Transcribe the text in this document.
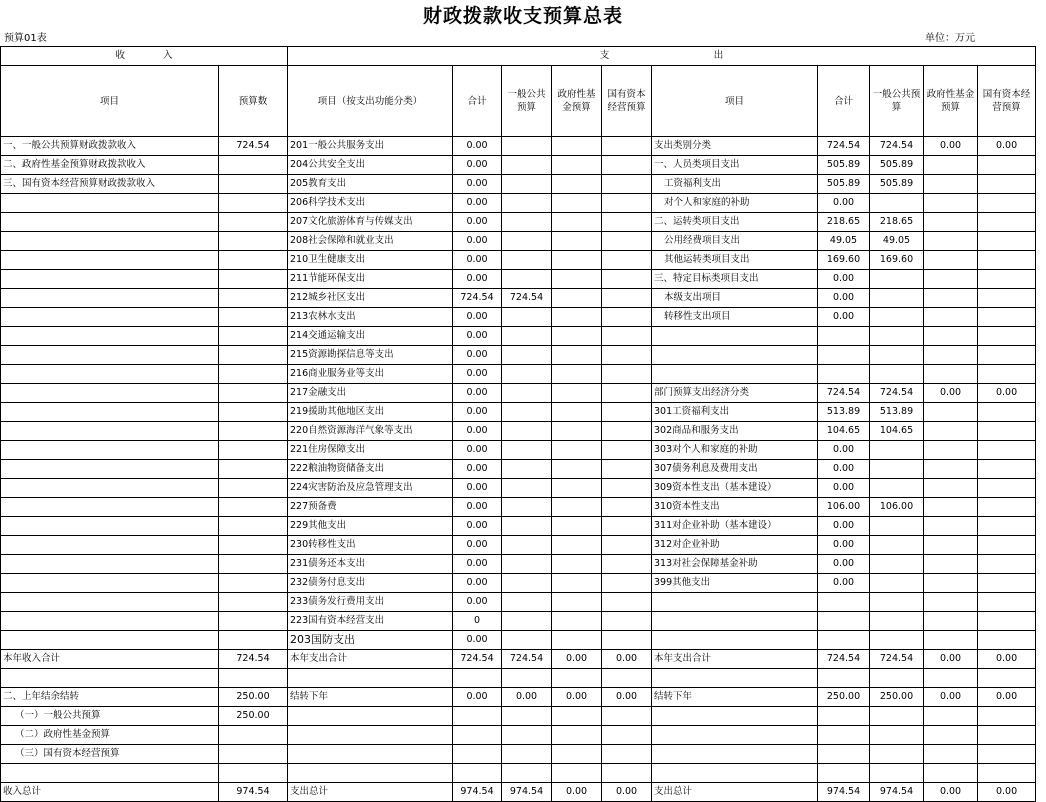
财政拨款收支预算总表
预算01表	单位：万元
收　　　　入		支　　　　　　　　　　　出									
项目	预算数	项目（按支出功能分类）	合计	一般公共预算	政府性基金预算	国有资本经营预算	项目	合计	一般公共预算	政府性基金预算	国有资本经营预算
一、一般公共预算财政拨款收入	724.54	201一般公共服务支出	0.00				支出类别分类	724.54	724.54	0.00	0.00
二、政府性基金预算财政拨款收入		204公共安全支出	0.00				一、人员类项目支出	505.89	505.89		
三、国有资本经营预算财政拨款收入		205教育支出	0.00				工资福利支出	505.89	505.89		
		206科学技术支出	0.00				对个人和家庭的补助	0.00			
		207文化旅游体育与传媒支出	0.00				二、运转类项目支出	218.65	218.65		
		208社会保障和就业支出	0.00				公用经费项目支出	49.05	49.05		
		210卫生健康支出	0.00				其他运转类项目支出	169.60	169.60		
		211节能环保支出	0.00				三、特定目标类项目支出	0.00			
		212城乡社区支出	724.54	724.54			本级支出项目	0.00			
		213农林水支出	0.00				转移性支出项目	0.00			
		214交通运输支出	0.00								
		215资源勘探信息等支出	0.00								
		216商业服务业等支出	0.00								
		217金融支出	0.00				部门预算支出经济分类	724.54	724.54	0.00	0.00
		219援助其他地区支出	0.00				301工资福利支出	513.89	513.89		
		220自然资源海洋气象等支出	0.00				302商品和服务支出	104.65	104.65		
		221住房保障支出	0.00				303对个人和家庭的补助	0.00			
		222粮油物资储备支出	0.00				307债务利息及费用支出	0.00			
		224灾害防治及应急管理支出	0.00				309资本性支出（基本建设）	0.00			
		227预备费	0.00				310资本性支出	106.00	106.00		
		229其他支出	0.00				311对企业补助（基本建设）	0.00			
		230转移性支出	0.00				312对企业补助	0.00			
		231债务还本支出	0.00				313对社会保障基金补助	0.00			
		232债务付息支出	0.00				399其他支出	0.00			
		233债务发行费用支出	0.00								
		223国有资本经营支出	0								
		203国防支出	0.00								
本年收入合计	724.54	本年支出合计	724.54	724.54	0.00	0.00	本年支出合计	724.54	724.54	0.00	0.00

二、上年结余结转	250.00	结转下年	0.00	0.00	0.00	0.00	结转下年	250.00	250.00	0.00	0.00
（一）一般公共预算	250.00										
（二）政府性基金预算											
（三）国有资本经营预算											

收入总计	974.54	支出总计	974.54	974.54	0.00	0.00	支出总计	974.54	974.54	0.00	0.00
